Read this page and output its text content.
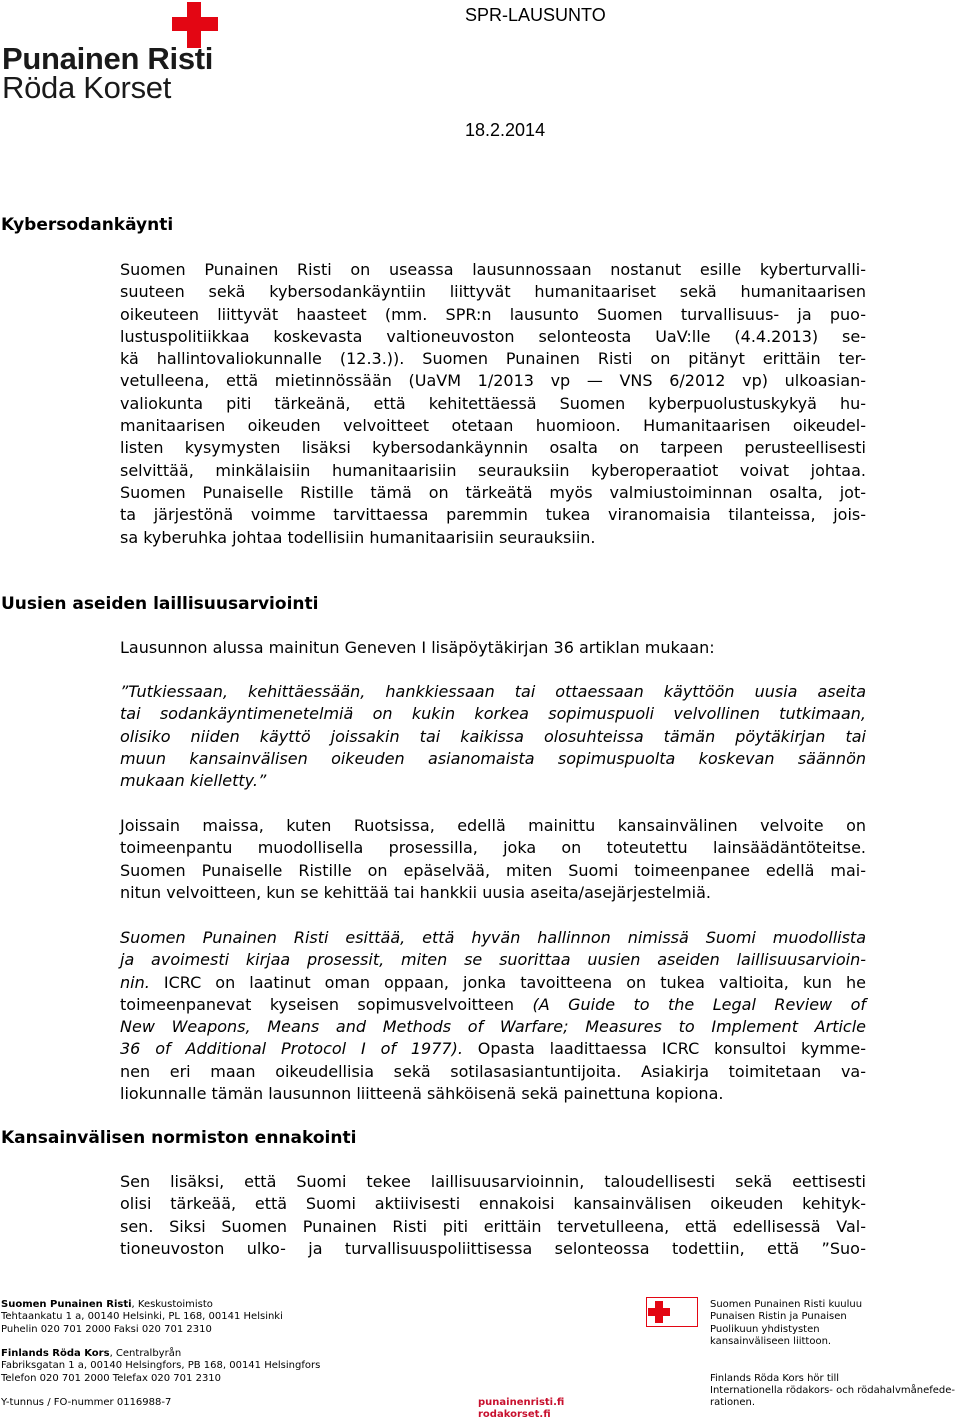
Punainen Risti
Röda Korset
SPR-LAUSUNTO
18.2.2014
Kybersodankäynti
Suomen Punainen Risti on useassa lausunnossaan nostanut esille kyberturvalli-
suuteen sekä kybersodankäyntiin liittyvät humanitaariset sekä humanitaarisen
oikeuteen liittyvät haasteet (mm. SPR:n lausunto Suomen turvallisuus- ja puo-
lustuspolitiikkaa koskevasta valtioneuvoston selonteosta UaV:lle (4.4.2013) se-
kä hallintovaliokunnalle (12.3.)). Suomen Punainen Risti on pitänyt erittäin ter-
vetulleena, että mietinnössään (UaVM 1/2013 vp — VNS 6/2012 vp) ulkoasian-
valiokunta piti tärkeänä, että kehitettäessä Suomen kyberpuolustuskykyä hu-
manitaarisen oikeuden velvoitteet otetaan huomioon. Humanitaarisen oikeudel-
listen kysymysten lisäksi kybersodankäynnin osalta on tarpeen perusteellisesti
selvittää, minkälaisiin humanitaarisiin seurauksiin kyberoperaatiot voivat johtaa.
Suomen Punaiselle Ristille tämä on tärkeätä myös valmiustoiminnan osalta, jot-
ta järjestönä voimme tarvittaessa paremmin tukea viranomaisia tilanteissa, jois-
sa kyberuhka johtaa todellisiin humanitaarisiin seurauksiin.
Uusien aseiden laillisuusarviointi
Lausunnon alussa mainitun Geneven I lisäpöytäkirjan 36 artiklan mukaan:
”Tutkiessaan, kehittäessään, hankkiessaan tai ottaessaan käyttöön uusia aseita
tai sodankäyntimenetelmiä on kukin korkea sopimuspuoli velvollinen tutkimaan,
olisiko niiden käyttö joissakin tai kaikissa olosuhteissa tämän pöytäkirjan tai
muun kansainvälisen oikeuden asianomaista sopimuspuolta koskevan säännön
mukaan kielletty.”
Joissain maissa, kuten Ruotsissa, edellä mainittu kansainvälinen velvoite on
toimeenpantu muodollisella prosessilla, joka on toteutettu lainsäädäntöteitse.
Suomen Punaiselle Ristille on epäselvää, miten Suomi toimeenpanee edellä mai-
nitun velvoitteen, kun se kehittää tai hankkii uusia aseita/asejärjestelmiä.
Suomen Punainen Risti esittää, että hyvän hallinnon nimissä Suomi muodollista
ja avoimesti kirjaa prosessit, miten se suorittaa uusien aseiden laillisuusarvioin-
nin. ICRC on laatinut oman oppaan, jonka tavoitteena on tukea valtioita, kun he
toimeenpanevat kyseisen sopimusvelvoitteen (A Guide to the Legal Review of
New Weapons, Means and Methods of Warfare; Measures to Implement Article
36 of Additional Protocol I of 1977). Opasta laadittaessa ICRC konsultoi kymme-
nen eri maan oikeudellisia sekä sotilasasiantuntijoita. Asiakirja toimitetaan va-
liokunnalle tämän lausunnon liitteenä sähköisenä sekä painettuna kopiona.
Kansainvälisen normiston ennakointi
Sen lisäksi, että Suomi tekee laillisuusarvioinnin, taloudellisesti sekä eettisesti
olisi tärkeää, että Suomi aktiivisesti ennakoisi kansainvälisen oikeuden kehityk-
sen. Siksi Suomen Punainen Risti piti erittäin tervetulleena, että edellisessä Val-
tioneuvoston ulko- ja turvallisuuspoliittisessa selonteossa todettiin, että ”Suo-
Suomen Punainen Risti, Keskustoimisto
Tehtaankatu 1 a, 00140 Helsinki, PL 168, 00141 Helsinki
Puhelin 020 701 2000 Faksi 020 701 2310
Finlands Röda Kors, Centralbyrån
Fabriksgatan 1 a, 00140 Helsingfors, PB 168, 00141 Helsingfors
Telefon 020 701 2000 Telefax 020 701 2310
Y-tunnus / FO-nummer 0116988-7	punainenristi.fi
rodakorset.fi
Suomen Punainen Risti kuuluu
Punaisen Ristin ja Punaisen
Puolikuun yhdistysten
kansainväliseen liittoon.
Finlands Röda Kors hör till
Internationella rödakors- och rödahalvmånefede-
rationen.
